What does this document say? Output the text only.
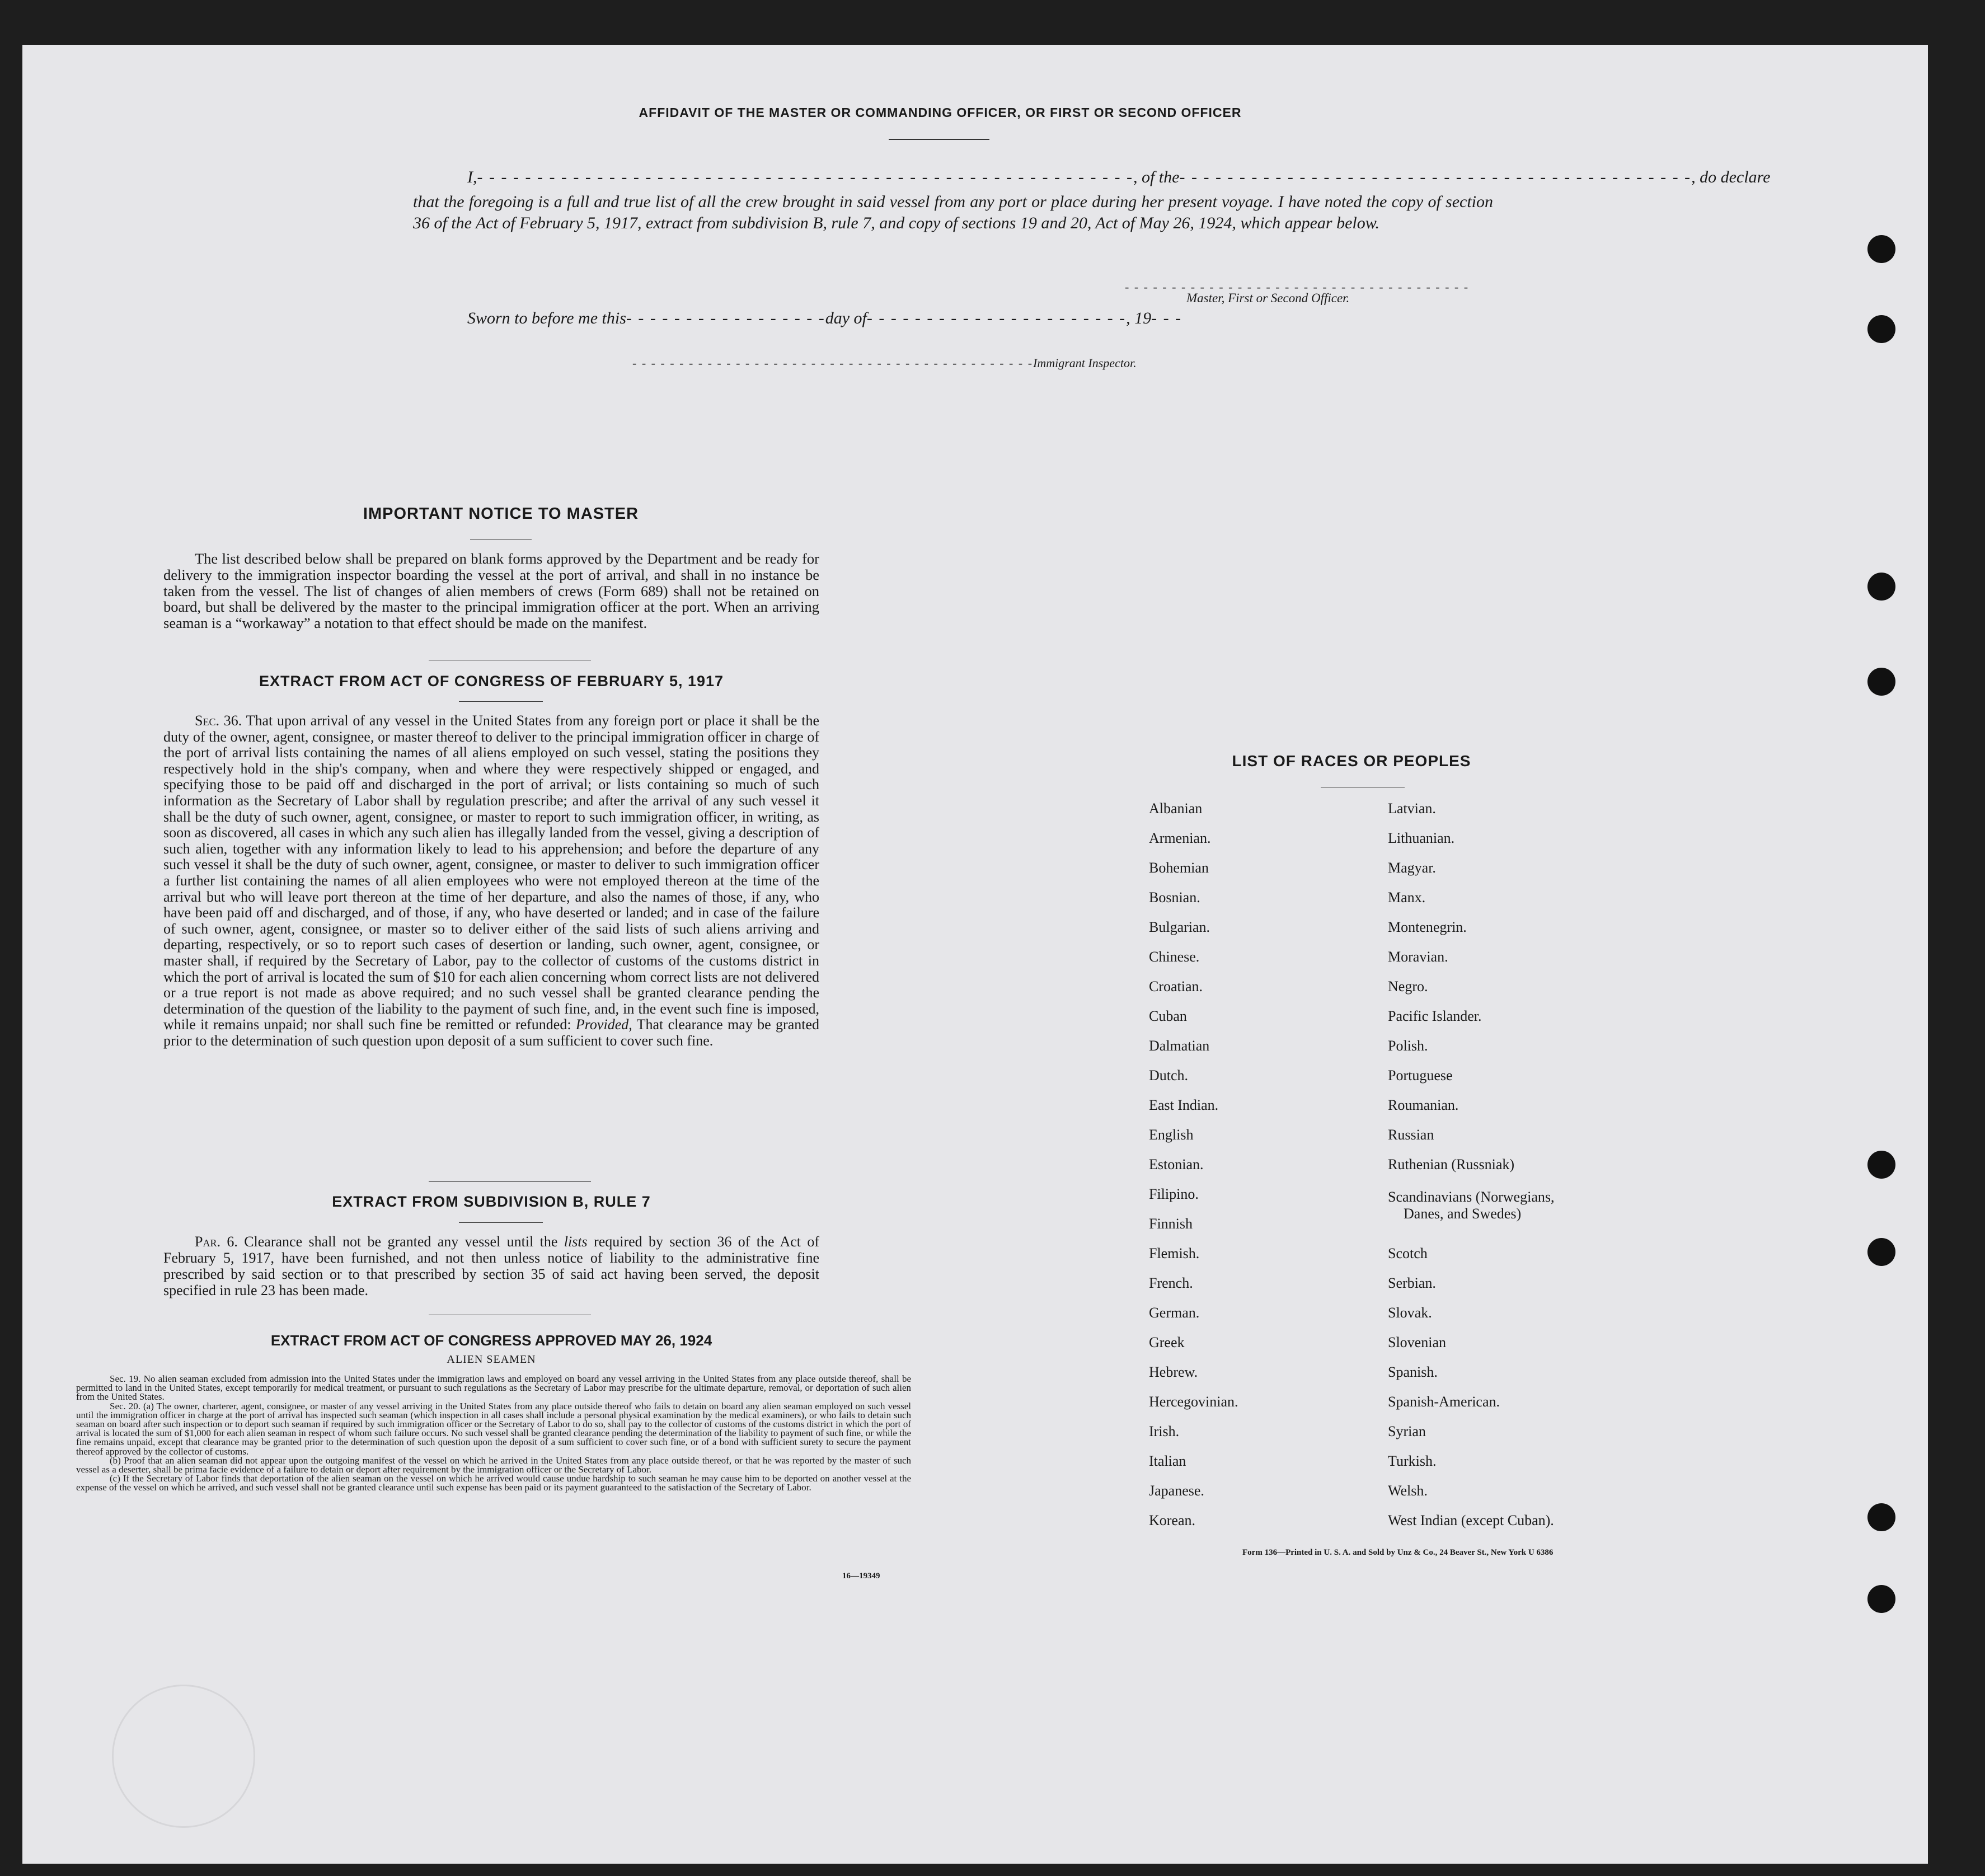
AFFIDAVIT OF THE MASTER OR COMMANDING OFFICER, OR FIRST OR SECOND OFFICER
I,- - - - - - - - - - - - - - - - - - - - - - - - - - - - - - - - - - - - - - - - - - - - - - - - - - - - - - -, of the- - - - - - - - - - - - - - - - - - - - - - - - - - - - - - - - - - - - - - - - - - -, do declare

that the foregoing is a full and true list of all the crew brought in said vessel from any port or place during her present voyage. I have noted the copy of section 36 of the Act of February 5, 1917, extract from subdivision B, rule 7, and copy of sections 19 and 20, Act of May 26, 1924, which appear below.

- - - - - - - - - - - - - - - - - - - - - - - - - - - - - - - - - - - - -
Master, First or Second Officer.
Sworn to before me this- - - - - - - - - - - - - - - - -day of- - - - - - - - - - - - - - - - - - - - - -, 19- - -
- - - - - - - - - - - - - - - - - - - - - - - - - - - - - - - - - - - - - - - - - - -Immigrant Inspector.
IMPORTANT NOTICE TO MASTER

The list described below shall be prepared on blank forms approved by the Department and be ready for delivery to the immigration inspector boarding the vessel at the port of arrival, and shall in no instance be taken from the vessel. The list of changes of alien members of crews (Form 689) shall not be retained on board, but shall be delivered by the master to the principal immigration officer at the port. When an arriving seaman is a “workaway” a notation to that effect should be made on the manifest.

EXTRACT FROM ACT OF CONGRESS OF FEBRUARY 5, 1917

Sec. 36. That upon arrival of any vessel in the United States from any foreign port or place it shall be the duty of the owner, agent, consignee, or master thereof to deliver to the principal immigration officer in charge of the port of arrival lists containing the names of all aliens employed on such vessel, stating the positions they respectively hold in the ship's company, when and where they were respectively shipped or engaged, and specifying those to be paid off and discharged in the port of arrival; or lists containing so much of such information as the Secretary of Labor shall by regulation prescribe; and after the arrival of any such vessel it shall be the duty of such owner, agent, consignee, or master to report to such immigration officer, in writing, as soon as discovered, all cases in which any such alien has illegally landed from the vessel, giving a description of such alien, together with any information likely to lead to his apprehension; and before the departure of any such vessel it shall be the duty of such owner, agent, consignee, or master to deliver to such immigration officer a further list containing the names of all alien employees who were not employed thereon at the time of the arrival but who will leave port thereon at the time of her departure, and also the names of those, if any, who have been paid off and discharged, and of those, if any, who have deserted or landed; and in case of the failure of such owner, agent, consignee, or master so to deliver either of the said lists of such aliens arriving and departing, respectively, or so to report such cases of desertion or landing, such owner, agent, consignee, or master shall, if required by the Secretary of Labor, pay to the collector of customs of the customs district in which the port of arrival is located the sum of $10 for each alien concerning whom correct lists are not delivered or a true report is not made as above required; and no such vessel shall be granted clearance pending the determination of the question of the liability to the payment of such fine, and, in the event such fine is imposed, while it remains unpaid; nor shall such fine be remitted or refunded: Provided, That clearance may be granted prior to the determination of such question upon deposit of a sum sufficient to cover such fine.

EXTRACT FROM SUBDIVISION B, RULE 7

Par. 6. Clearance shall not be granted any vessel until the lists required by section 36 of the Act of February 5, 1917, have been furnished, and not then unless notice of liability to the administrative fine prescribed by said section or to that prescribed by section 35 of said act having been served, the deposit specified in rule 23 has been made.

EXTRACT FROM ACT OF CONGRESS APPROVED MAY 26, 1924
ALIEN SEAMEN

Sec. 19. No alien seaman excluded from admission into the United States under the immigration laws and employed on board any vessel arriving in the United States from any place outside thereof, shall be permitted to land in the United States, except temporarily for medical treatment, or pursuant to such regulations as the Secretary of Labor may prescribe for the ultimate departure, removal, or deportation of such alien from the United States.

Sec. 20. (a) The owner, charterer, agent, consignee, or master of any vessel arriving in the United States from any place outside thereof who fails to detain on board any alien seaman employed on such vessel until the immigration officer in charge at the port of arrival has inspected such seaman (which inspection in all cases shall include a personal physical examination by the medical examiners), or who fails to detain such seaman on board after such inspection or to deport such seaman if required by such immigration officer or the Secretary of Labor to do so, shall pay to the collector of customs of the customs district in which the port of arrival is located the sum of $1,000 for each alien seaman in respect of whom such failure occurs. No such vessel shall be granted clearance pending the determination of the liability to payment of such fine, or while the fine remains unpaid, except that clearance may be granted prior to the determination of such question upon the deposit of a sum sufficient to cover such fine, or of a bond with sufficient surety to secure the payment thereof approved by the collector of customs.

(b) Proof that an alien seaman did not appear upon the outgoing manifest of the vessel on which he arrived in the United States from any place outside thereof, or that he was reported by the master of such vessel as a deserter, shall be prima facie evidence of a failure to detain or deport after requirement by the immigration officer or the Secretary of Labor.

(c) If the Secretary of Labor finds that deportation of the alien seaman on the vessel on which he arrived would cause undue hardship to such seaman he may cause him to be deported on another vessel at the expense of the vessel on which he arrived, and such vessel shall not be granted clearance until such expense has been paid or its payment guaranteed to the satisfaction of the Secretary of Labor.

16—19349
LIST OF RACES OR PEOPLES
Albanian
Armenian.
Bohemian
Bosnian.
Bulgarian.
Chinese.
Croatian.
Cuban
Dalmatian
Dutch.
East Indian.
English
Estonian.
Filipino.
Finnish
Flemish.
French.
German.
Greek
Hebrew.
Hercegovinian.
Irish.
Italian
Japanese.
Korean.
Latvian.
Lithuanian.
Magyar.
Manx.
Montenegrin.
Moravian.
Negro.
Pacific Islander.
Polish.
Portuguese
Roumanian.
Russian
Ruthenian (Russniak)
Scandinavians (Norwegians,
Danes, and Swedes)
Scotch
Serbian.
Slovak.
Slovenian
Spanish.
Spanish-American.
Syrian
Turkish.
Welsh.
West Indian (except Cuban).
Form 136—Printed in U. S. A. and Sold by Unz & Co., 24 Beaver St., New York U 6386
